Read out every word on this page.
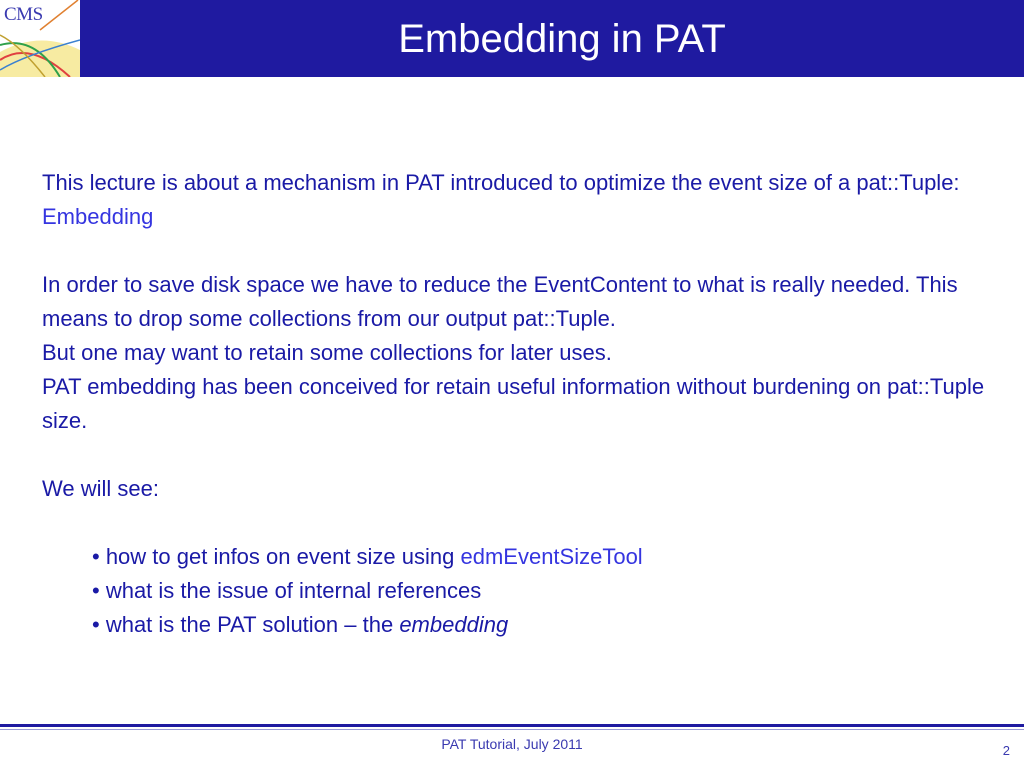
CMS
Embedding in PAT

This lecture is about a mechanism in PAT introduced to optimize the event size of a pat::Tuple: Embedding

In order to save disk space we have to reduce the EventContent to what is really needed. This means to drop some collections from our output pat::Tuple.

But one may want to retain some collections for later uses.

PAT embedding has been conceived for retain useful information without burdening on pat::Tuple size.

We will see:

• how to get infos on event size using edmEventSizeTool

• what is the issue of internal references

• what is the PAT solution – the embedding

PAT Tutorial, July 2011	2
